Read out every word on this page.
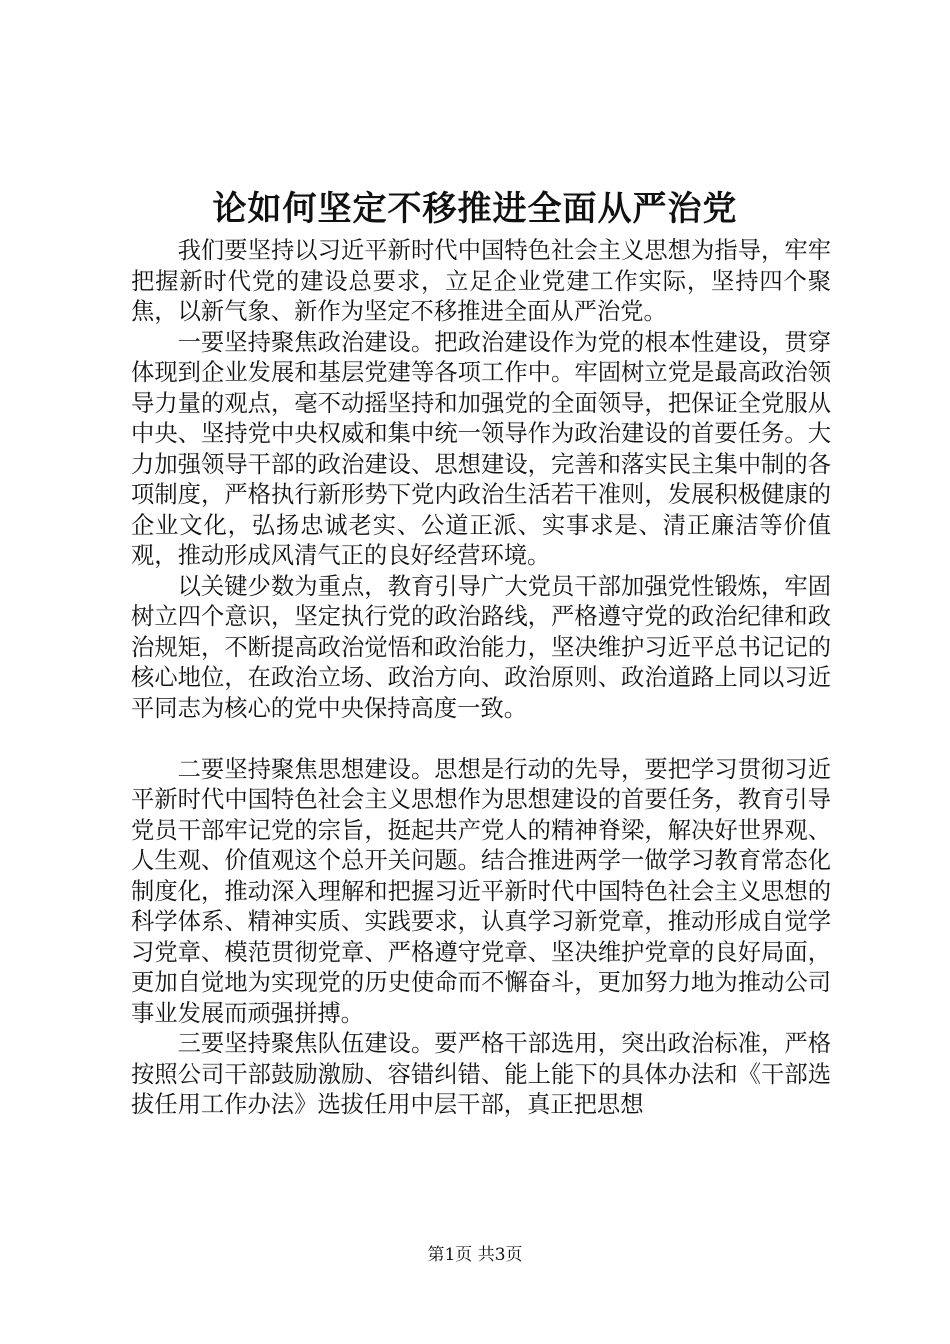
论如何坚定不移推进全面从严治党

我们要坚持以习近平新时代中国特色社会主义思想为指导，牢牢把握新时代党的建设总要求，立足企业党建工作实际，坚持四个聚焦，以新气象、新作为坚定不移推进全面从严治党。

一要坚持聚焦政治建设。把政治建设作为党的根本性建设，贯穿体现到企业发展和基层党建等各项工作中。牢固树立党是最高政治领导力量的观点，毫不动摇坚持和加强党的全面领导，把保证全党服从中央、坚持党中央权威和集中统一领导作为政治建设的首要任务。大力加强领导干部的政治建设、思想建设，完善和落实民主集中制的各项制度，严格执行新形势下党内政治生活若干准则，发展积极健康的企业文化，弘扬忠诚老实、公道正派、实事求是、清正廉洁等价值观，推动形成风清气正的良好经营环境。

以关键少数为重点，教育引导广大党员干部加强党性锻炼，牢固树立四个意识，坚定执行党的政治路线，严格遵守党的政治纪律和政治规矩，不断提高政治觉悟和政治能力，坚决维护习近平总书记记的核心地位，在政治立场、政治方向、政治原则、政治道路上同以习近平同志为核心的党中央保持高度一致。

二要坚持聚焦思想建设。思想是行动的先导，要把学习贯彻习近平新时代中国特色社会主义思想作为思想建设的首要任务，教育引导党员干部牢记党的宗旨，挺起共产党人的精神脊梁，解决好世界观、人生观、价值观这个总开关问题。结合推进两学一做学习教育常态化制度化，推动深入理解和把握习近平新时代中国特色社会主义思想的科学体系、精神实质、实践要求，认真学习新党章，推动形成自觉学习党章、模范贯彻党章、严格遵守党章、坚决维护党章的良好局面，更加自觉地为实现党的历史使命而不懈奋斗，更加努力地为推动公司事业发展而顽强拼搏。

三要坚持聚焦队伍建设。要严格干部选用，突出政治标准，严格按照公司干部鼓励激励、容错纠错、能上能下的具体办法和《干部选拔任用工作办法》选拔任用中层干部，真正把思想

第1页 共3页
